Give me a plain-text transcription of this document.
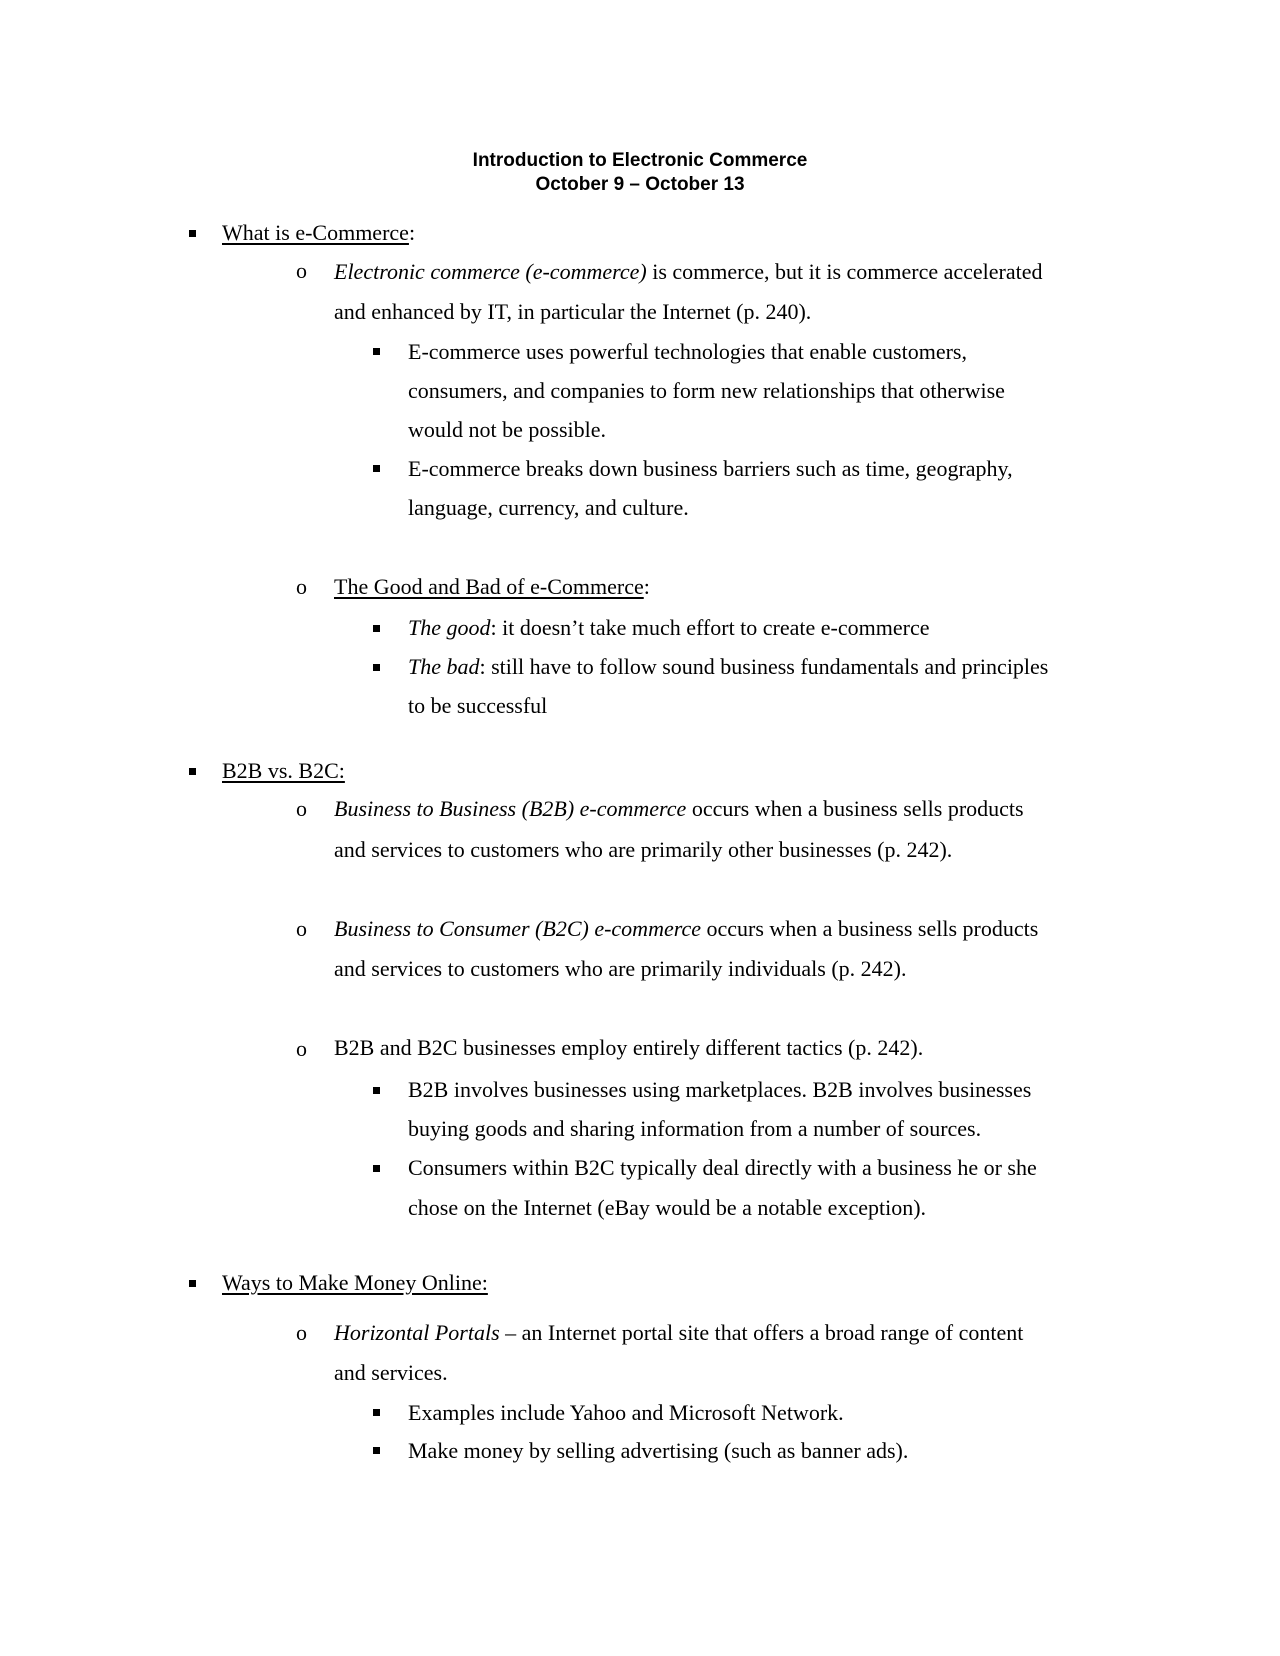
Introduction to Electronic Commerce
October 9 – October 13
What is e-Commerce:
o Electronic commerce (e-commerce) is commerce, but it is commerce accelerated
and enhanced by IT, in particular the Internet (p. 240).
E-commerce uses powerful technologies that enable customers,
consumers, and companies to form new relationships that otherwise
would not be possible.
E-commerce breaks down business barriers such as time, geography,
language, currency, and culture.
o The Good and Bad of e-Commerce:
The good: it doesn’t take much effort to create e-commerce
The bad: still have to follow sound business fundamentals and principles
to be successful
B2B vs. B2C:
o Business to Business (B2B) e-commerce occurs when a business sells products
and services to customers who are primarily other businesses (p. 242).
o Business to Consumer (B2C) e-commerce occurs when a business sells products
and services to customers who are primarily individuals (p. 242).
o B2B and B2C businesses employ entirely different tactics (p. 242).
B2B involves businesses using marketplaces. B2B involves businesses
buying goods and sharing information from a number of sources.
Consumers within B2C typically deal directly with a business he or she
chose on the Internet (eBay would be a notable exception).
Ways to Make Money Online:
o Horizontal Portals – an Internet portal site that offers a broad range of content
and services.
Examples include Yahoo and Microsoft Network.
Make money by selling advertising (such as banner ads).
